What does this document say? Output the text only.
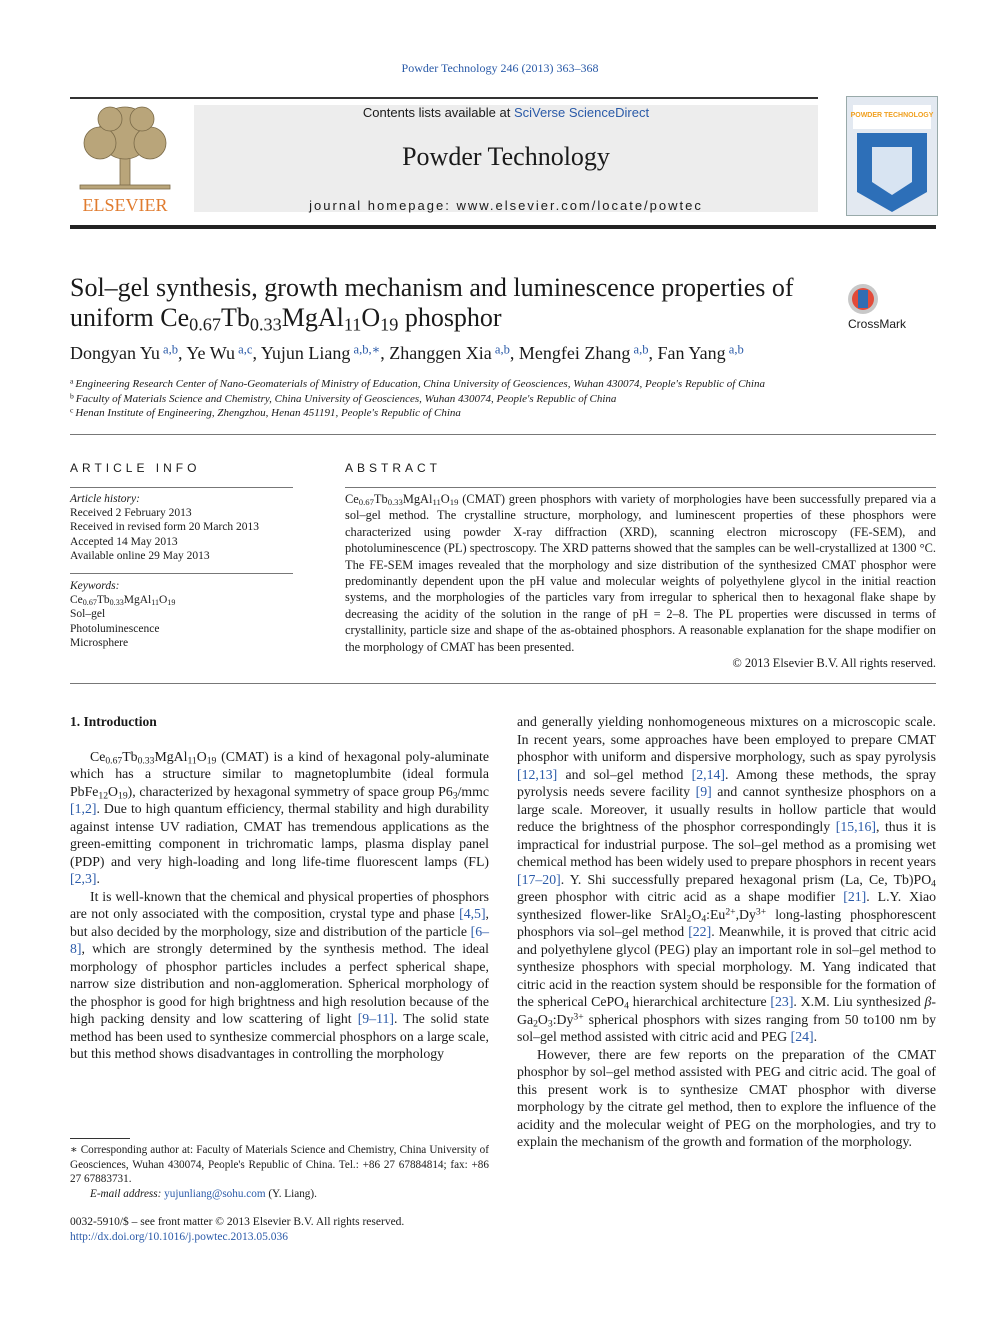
Powder Technology 246 (2013) 363–368
ELSEVIER
Contents lists available at SciVerse ScienceDirect
Powder Technology
journal homepage: www.elsevier.com/locate/powtec
POWDER TECHNOLOGY
Sol–gel synthesis, growth mechanism and luminescence properties of
uniform $Ce_{0.67}Tb_{0.33}MgAl_{11}O_{19}$ phosphor	CrossMark
Dongyan Yu $^{a,b}$, Ye Wu $^{a,c}$, Yujun Liang $^{a,b,∗}$, Zhanggen Xia $^{a,b}$, Mengfei Zhang $^{a,b}$, Fan Yang $^{a,b}$
$^a$ Engineering Research Center of Nano-Geomaterials of Ministry of Education, China University of Geosciences, Wuhan 430074, People's Republic of China
$^b$ Faculty of Materials Science and Chemistry, China University of Geosciences, Wuhan 430074, People's Republic of China
$^c$ Henan Institute of Engineering, Zhengzhou, Henan 451191, People's Republic of China
ARTICLE INFO	ABSTRACT
Article history:
Received 2 February 2013
Received in revised form 20 March 2013
Accepted 14 May 2013
Available online 29 May 2013
Keywords:
$Ce_{0.67}Tb_{0.33}MgAl_{11}O_{19}$
Sol–gel
Photoluminescence
Microsphere
$Ce_{0.67}Tb_{0.33}MgAl_{11}O_{19}$ (CMAT) green phosphors with variety of morphologies have been successfully prepared via a sol–gel method. The crystalline structure, morphology, and luminescent properties of these phosphors were characterized using powder X-ray diffraction (XRD), scanning electron microscopy (FE-SEM), and photoluminescence (PL) spectroscopy. The XRD patterns showed that the samples can be well-crystallized at 1300 °C. The FE-SEM images revealed that the morphology and size distribution of the synthesized CMAT phosphor were predominantly dependent upon the pH value and molecular weights of polyethylene glycol in the initial reaction systems, and the morphologies of the particles vary from irregular to spherical then to hexagonal flake shape by decreasing the acidity of the solution in the range of pH = 2–8. The PL properties were discussed in terms of crystallinity, particle size and shape of the as-obtained phosphors. A reasonable explanation for the shape modifier on the morphology of CMAT has been presented.
© 2013 Elsevier B.V. All rights reserved.
1. Introduction

$Ce_{0.67}Tb_{0.33}MgAl_{11}O_{19}$ (CMAT) is a kind of hexagonal poly-aluminate which has a structure similar to magnetoplumbite (ideal formula $PbFe_{12}O_{19}$), characterized by hexagonal symmetry of space group $P6_3$/mmc [1,2]. Due to high quantum efficiency, thermal stability and high durability against intense UV radiation, CMAT has tremendous applications as the green-emitting component in trichromatic lamps, plasma display panel (PDP) and very high-loading and long life-time fluorescent lamps (FL) [2,3].

It is well-known that the chemical and physical properties of phosphors are not only associated with the composition, crystal type and phase [4,5], but also decided by the morphology, size and distribution of the particle [6–8], which are strongly determined by the synthesis method. The ideal morphology of phosphor particles includes a perfect spherical shape, narrow size distribution and non-agglomeration. Spherical morphology of the phosphor is good for high brightness and high resolution because of the high packing density and low scattering of light [9–11]. The solid state method has been used to synthesize commercial phosphors on a large scale, but this method shows disadvantages in controlling the morphology

and generally yielding nonhomogeneous mixtures on a microscopic scale. In recent years, some approaches have been employed to prepare CMAT phosphor with uniform and dispersive morphology, such as spay pyrolysis [12,13] and sol–gel method [2,14]. Among these methods, the spray pyrolysis needs severe facility [9] and cannot synthesize phosphors on a large scale. Moreover, it usually results in hollow particle that would reduce the brightness of the phosphor correspondingly [15,16], thus it is impractical for industrial purpose. The sol–gel method as a promising wet chemical method has been widely used to prepare phosphors in recent years [17–20]. Y. Shi successfully prepared hexagonal prism (La, Ce, $Tb)PO_4$ green phosphor with citric acid as a shape modifier [21]. L.Y. Xiao synthesized flower-like $SrAl_2O_4:Eu^{2+},Dy^{3+}$ long-lasting phosphorescent phosphors via sol–gel method [22]. Meanwhile, it is proved that citric acid and polyethylene glycol (PEG) play an important role in sol–gel method to synthesize phosphors with special morphology. M. Yang indicated that citric acid in the reaction system should be responsible for the formation of the spherical CePO$_4$ hierarchical architecture [23]. X.M. Liu synthesized $\beta-Ga_2O_3:Dy^{3+}$ spherical phosphors with sizes ranging from 50 to100 nm by sol–gel method assisted with citric acid and PEG [24].

However, there are few reports on the preparation of the CMAT phosphor by sol–gel method assisted with PEG and citric acid. The goal of this present work is to synthesize CMAT phosphor with diverse morphology by the citrate gel method, then to explore the influence of the acidity and the molecular weight of PEG on the morphologies, and try to explain the mechanism of the growth and formation of the morphology.

∗ Corresponding author at: Faculty of Materials Science and Chemistry, China University of Geosciences, Wuhan 430074, People's Republic of China. Tel.: +86 27 67884814; fax: +86 27 67883731.
E-mail address: yujunliang@sohu.com (Y. Liang).
0032-5910/$ – see front matter © 2013 Elsevier B.V. All rights reserved.
http://dx.doi.org/10.1016/j.powtec.2013.05.036
